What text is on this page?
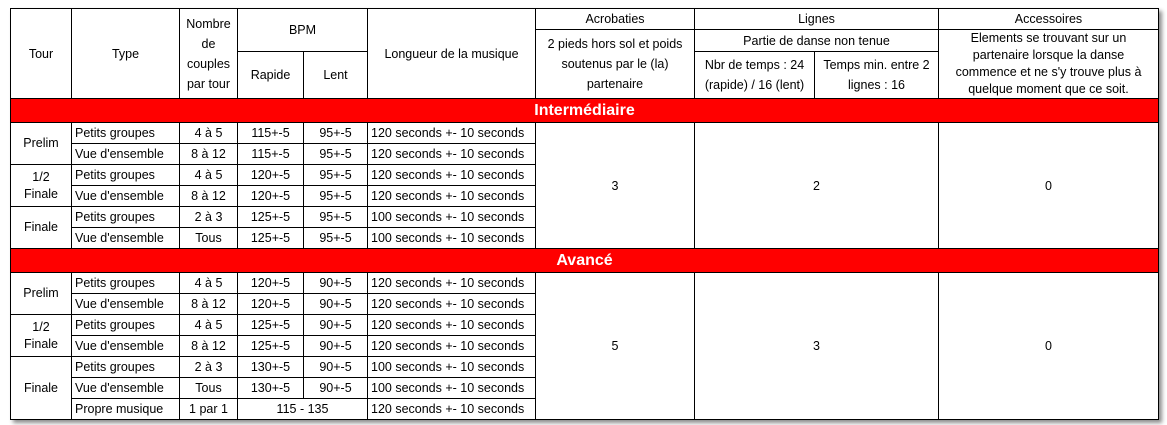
Tour	Type	Nombre
de
couples
par tour	BPM		Longueur de la musique	Acrobaties	Lignes		Accessoires
						2 pieds hors sol et poids soutenus par le (la) partenaire	Partie de danse non tenue		Elements se trouvant sur un partenaire lorsque la danse commence et ne s'y trouve plus à quelque moment que ce soit.
			Rapide	Lent			Nbr de temps : 24 (rapide) / 16 (lent)	Temps min. entre 2 lignes : 16	
Intermédiaire									

Prelim	Petits groupes	4 à 5	115+-5	95+-5	120 seconds +- 10 seconds	3	2		0
	Vue d'ensemble	8 à 12	115+-5	95+-5	120 seconds +- 10 seconds				

1/2
Finale	Petits groupes	4 à 5	120+-5	95+-5	120 seconds +- 10 seconds				
	Vue d'ensemble	8 à 12	120+-5	95+-5	120 seconds +- 10 seconds				

Finale	Petits groupes	2 à 3	125+-5	95+-5	100 seconds +- 10 seconds				
	Vue d'ensemble	Tous	125+-5	95+-5	100 seconds +- 10 seconds				
Avancé									

Prelim	Petits groupes	4 à 5	120+-5	90+-5	120 seconds +- 10 seconds	5	3		0
	Vue d'ensemble	8 à 12	120+-5	90+-5	120 seconds +- 10 seconds				

1/2
Finale	Petits groupes	4 à 5	125+-5	90+-5	120 seconds +- 10 seconds				
	Vue d'ensemble	8 à 12	125+-5	90+-5	120 seconds +- 10 seconds				

Finale	Petits groupes	2 à 3	130+-5	90+-5	100 seconds +- 10 seconds				
	Vue d'ensemble	Tous	130+-5	90+-5	100 seconds +- 10 seconds				
	Propre musique	1 par 1	115 - 135		120 seconds +- 10 seconds				
